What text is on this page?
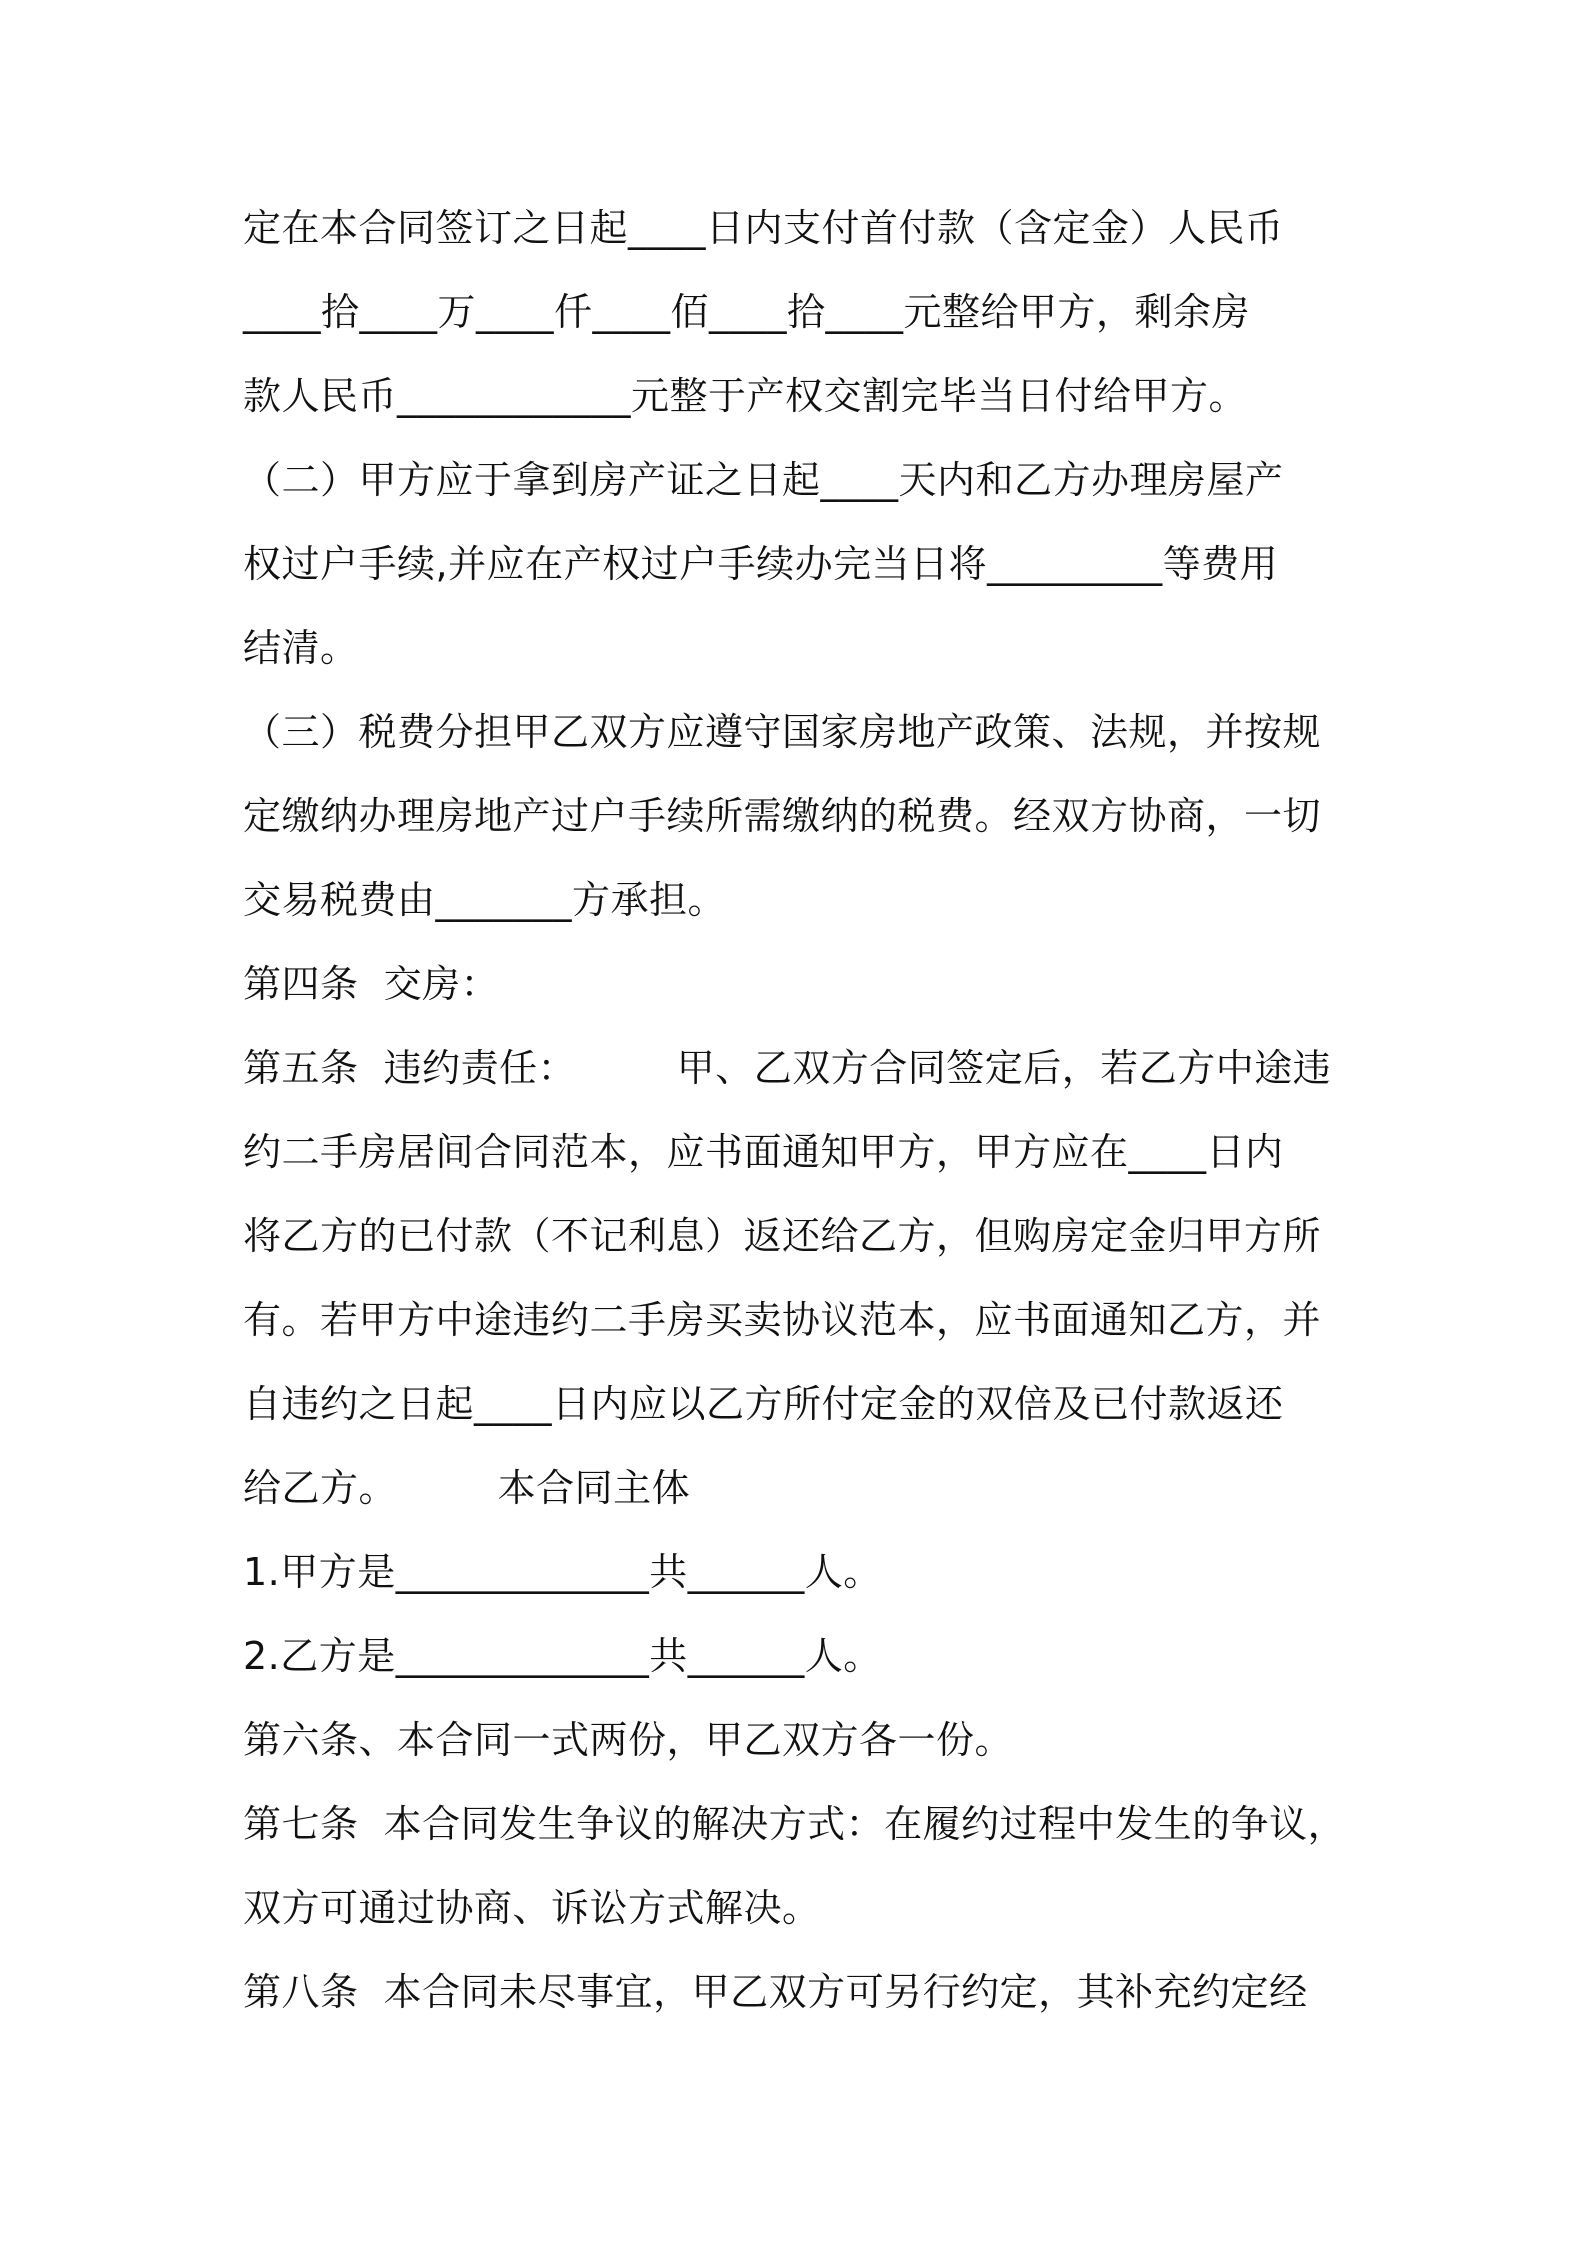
定在本合同签订之日起____日内支付首付款（含定金）人民币
____拾____万____仟____佰____拾____元整给甲方，剩余房
款人民币____________元整于产权交割完毕当日付给甲方。
（二）甲方应于拿到房产证之日起____天内和乙方办理房屋产
权过户手续,并应在产权过户手续办完当日将_________等费用
结清。
（三）税费分担甲乙双方应遵守国家房地产政策、法规，并按规
定缴纳办理房地产过户手续所需缴纳的税费。经双方协商，一切
交易税费由_______方承担。
第四条  交房：
第五条  违约责任：        甲、乙双方合同签定后，若乙方中途违
约二手房居间合同范本，应书面通知甲方，甲方应在____日内
将乙方的已付款（不记利息）返还给乙方，但购房定金归甲方所
有。若甲方中途违约二手房买卖协议范本，应书面通知乙方，并
自违约之日起____日内应以乙方所付定金的双倍及已付款返还
给乙方。        本合同主体
1.甲方是_____________共______人。
2.乙方是_____________共______人。
第六条、本合同一式两份，甲乙双方各一份。
第七条  本合同发生争议的解决方式：在履约过程中发生的争议，
双方可通过协商、诉讼方式解决。
第八条  本合同未尽事宜，甲乙双方可另行约定，其补充约定经
